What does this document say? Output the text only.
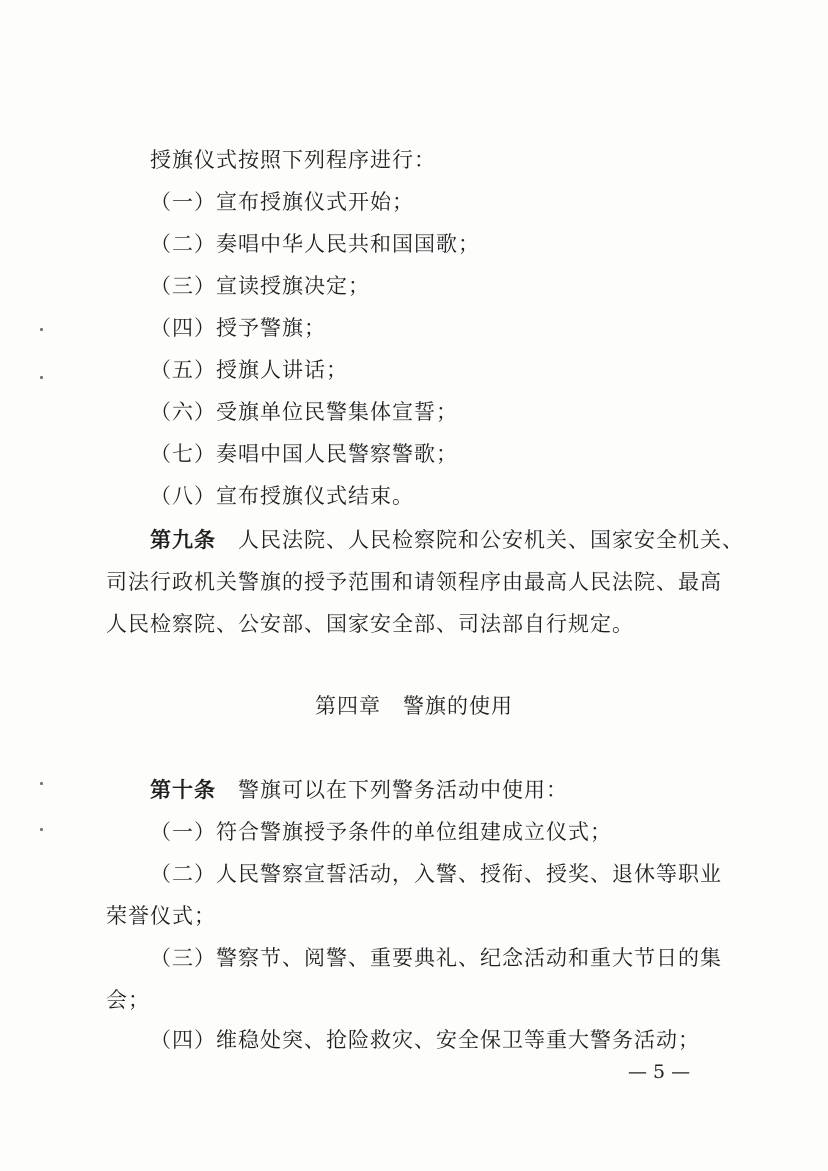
授旗仪式按照下列程序进行：
（一）宣布授旗仪式开始；
（二）奏唱中华人民共和国国歌；
（三）宣读授旗决定；
（四）授予警旗；
（五）授旗人讲话；
（六）受旗单位民警集体宣誓；
（七）奏唱中国人民警察警歌；
（八）宣布授旗仪式结束。
第九条 人民法院、人民检察院和公安机关、国家安全机关、
司法行政机关警旗的授予范围和请领程序由最高人民法院、最高
人民检察院、公安部、国家安全部、司法部自行规定。
第四章 警旗的使用
第十条 警旗可以在下列警务活动中使用：
（一）符合警旗授予条件的单位组建成立仪式；
（二）人民警察宣誓活动，入警、授衔、授奖、退休等职业
荣誉仪式；
（三）警察节、阅警、重要典礼、纪念活动和重大节日的集
会；
（四）维稳处突、抢险救灾、安全保卫等重大警务活动；
— 5 —
